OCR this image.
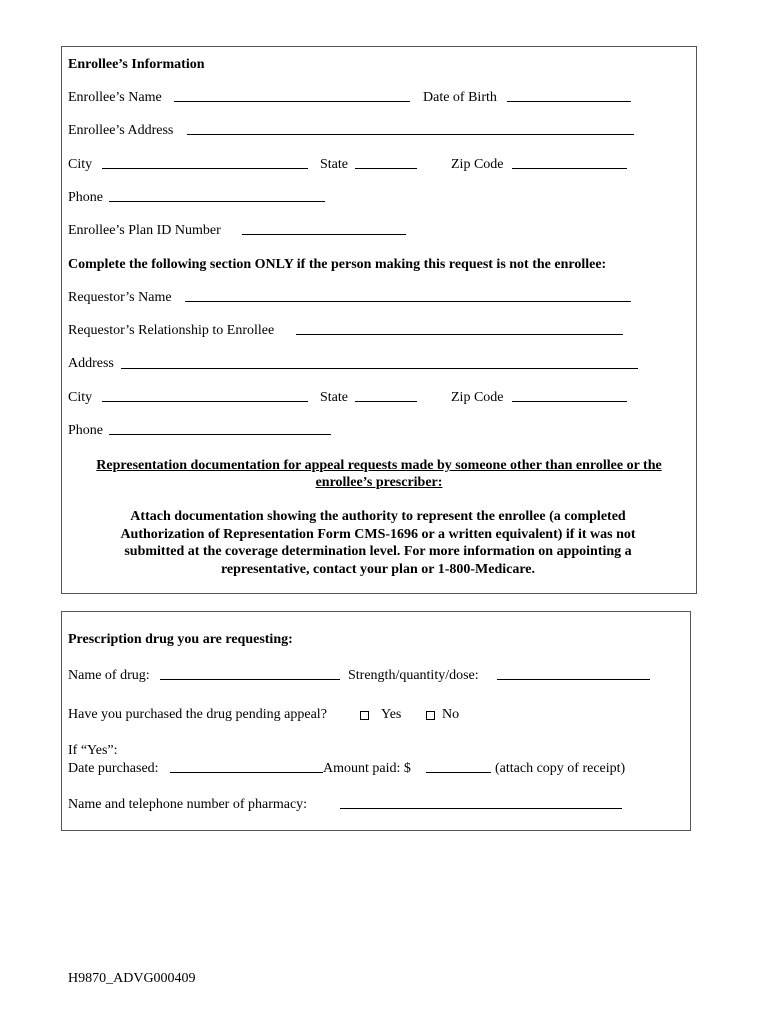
Enrollee’s Information
Enrollee’s Name	Date of Birth
Enrollee’s Address
City	State	Zip Code
Phone
Enrollee’s Plan ID Number
Complete the following section ONLY if the person making this request is not the enrollee:
Requestor’s Name
Requestor’s Relationship to Enrollee
Address
City	State	Zip Code
Phone
Representation documentation for appeal requests made by someone other than enrollee or the enrollee’s prescriber:
Attach documentation showing the authority to represent the enrollee (a completed Authorization of Representation Form CMS-1696 or a written equivalent) if it was not submitted at the coverage determination level. For more information on appointing a representative, contact your plan or 1-800-Medicare.
Prescription drug you are requesting:
Name of drug:	Strength/quantity/dose:
Have you purchased the drug pending appeal?	Yes	No
If “Yes”:
Date purchased:	Amount paid: $	(attach copy of receipt)
Name and telephone number of pharmacy:
H9870_ADVG000409
